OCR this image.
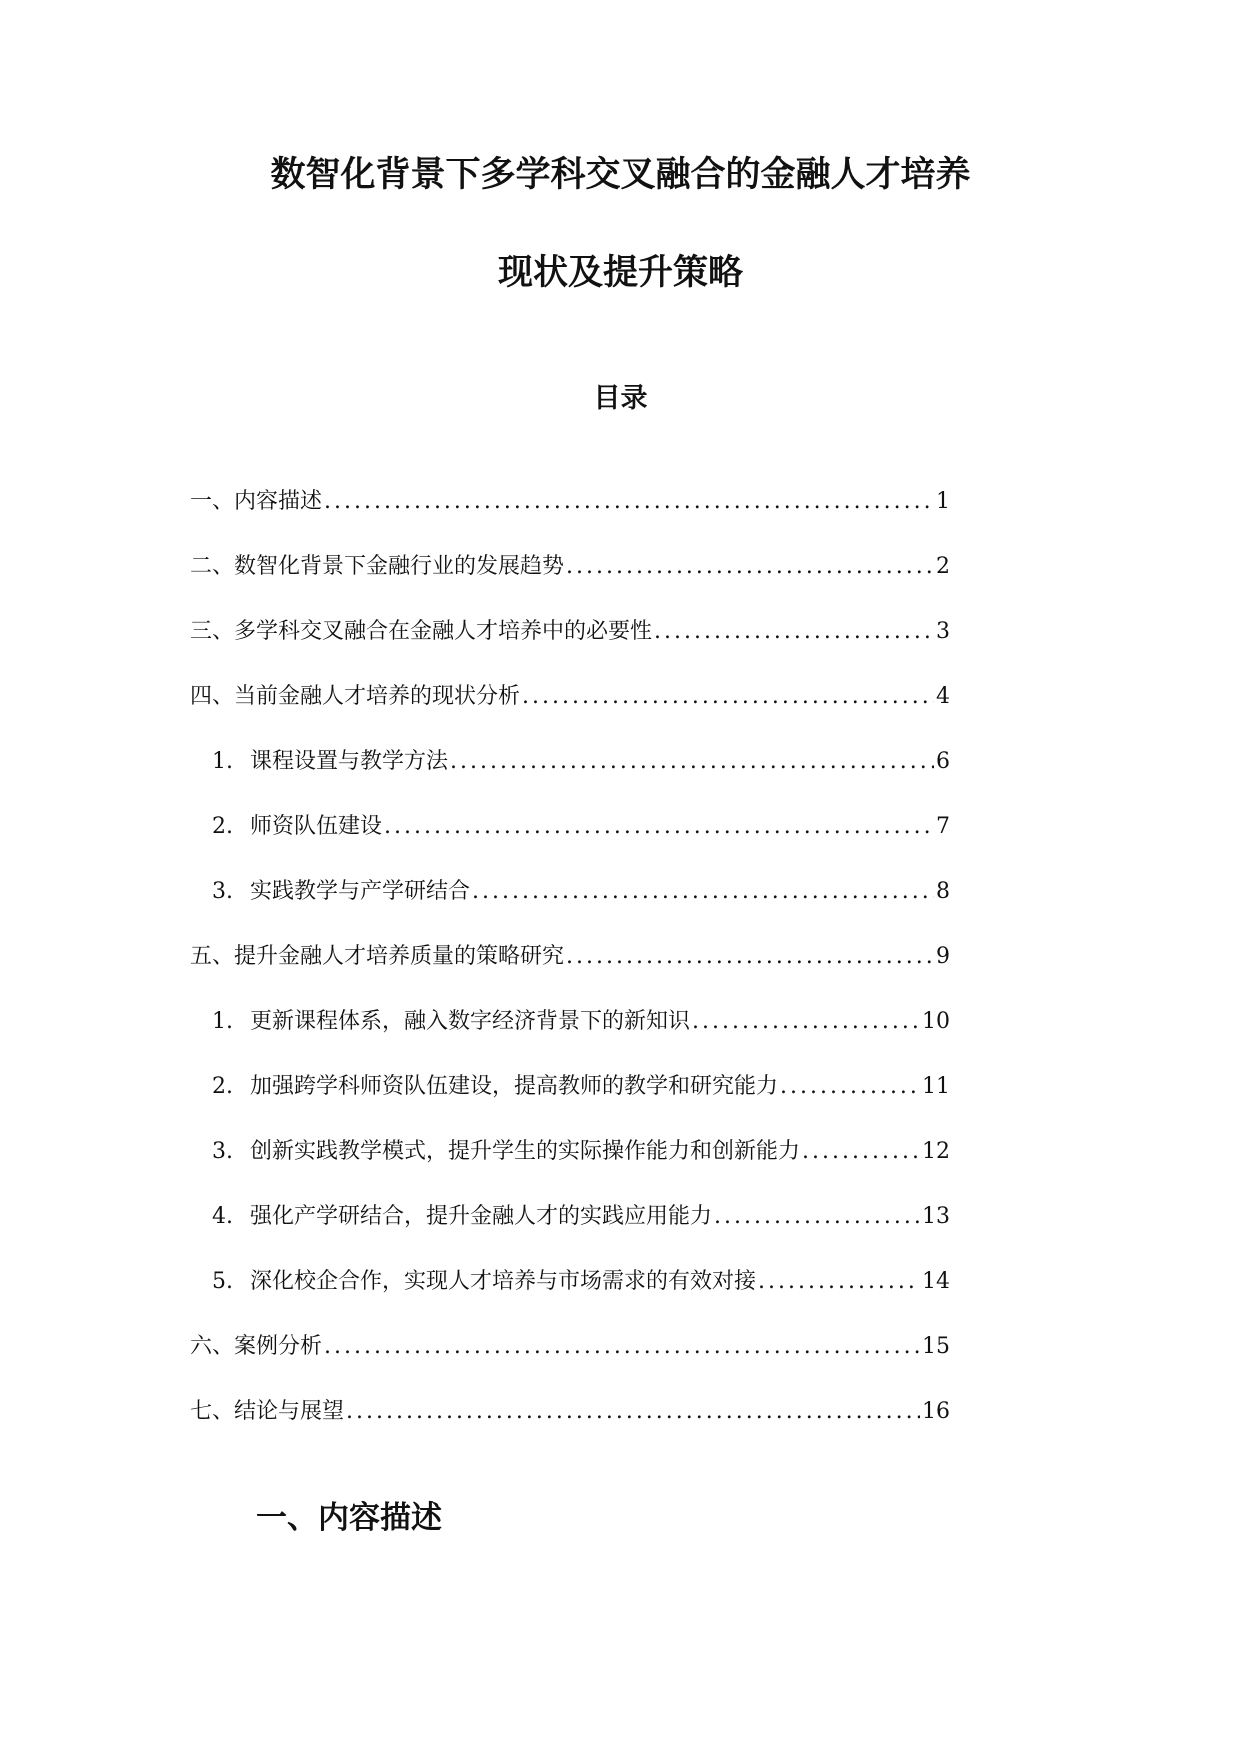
数智化背景下多学科交叉融合的金融人才培养
现状及提升策略
目录
一、内容描述 .....	1
二、数智化背景下金融行业的发展趋势 .....	2
三、多学科交叉融合在金融人才培养中的必要性 .....	3
四、当前金融人才培养的现状分析 .....	4
1. 课程设置与教学方法 .....	6
2. 师资队伍建设 .....	7
3. 实践教学与产学研结合 .....	8
五、提升金融人才培养质量的策略研究 .....	9
1. 更新课程体系，融入数字经济背景下的新知识 .....	10
2. 加强跨学科师资队伍建设，提高教师的教学和研究能力 .....	11
3. 创新实践教学模式，提升学生的实际操作能力和创新能力 .....	12
4. 强化产学研结合，提升金融人才的实践应用能力 .....	13
5. 深化校企合作，实现人才培养与市场需求的有效对接 .....	14
六、案例分析 .....	15
七、结论与展望 .....	16
一、内容描述
